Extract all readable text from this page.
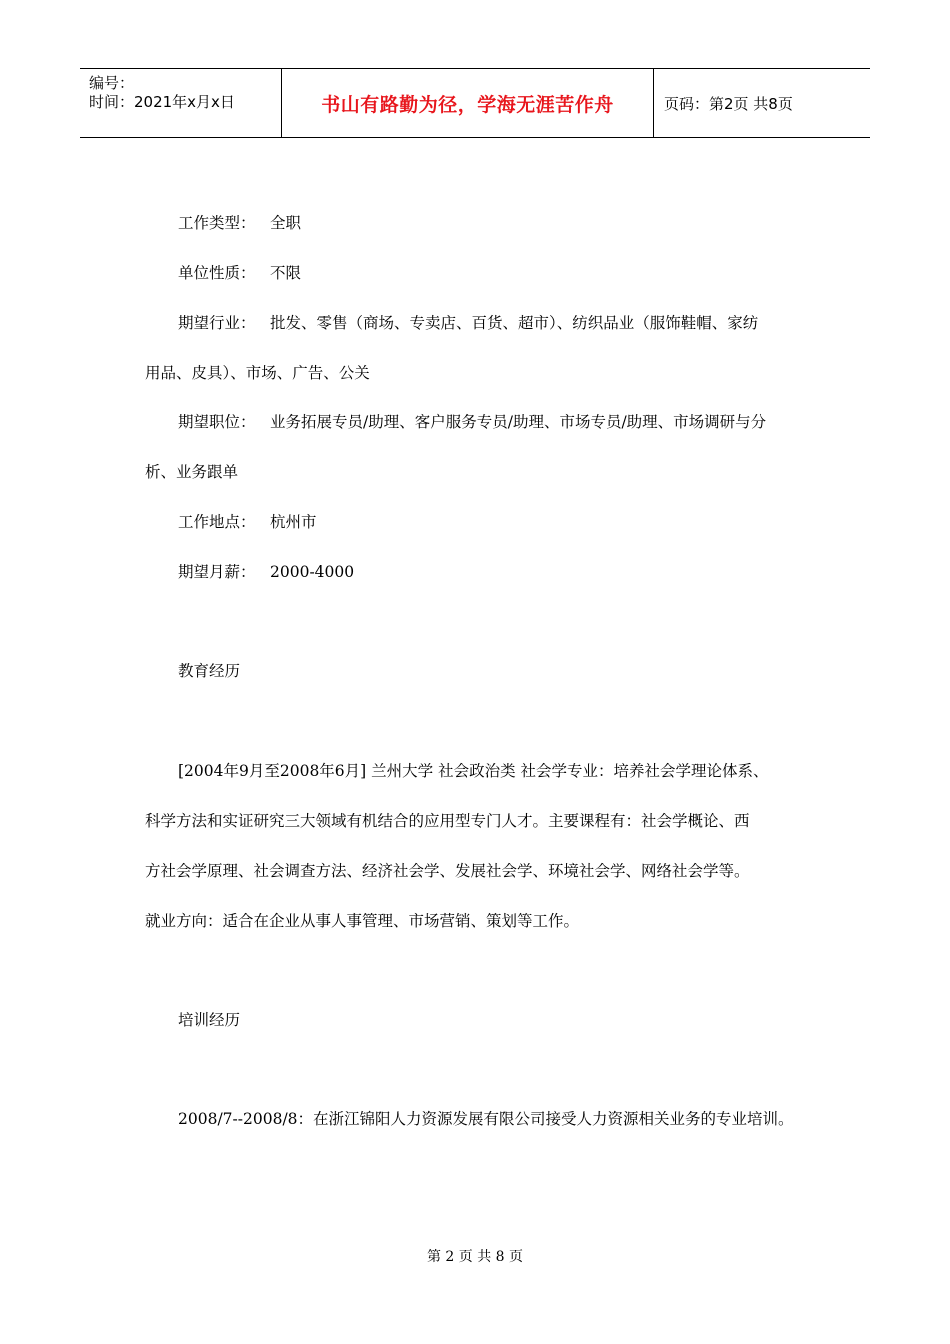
编号：
时间：2021年x月x日	书山有路勤为径，学海无涯苦作舟	页码：第2页 共8页
工作类型： 全职
单位性质： 不限
期望行业： 批发、零售（商场、专卖店、百货、超市）、纺织品业（服饰鞋帽、家纺
用品、皮具）、市场、广告、公关
期望职位： 业务拓展专员/助理、客户服务专员/助理、市场专员/助理、市场调研与分
析、业务跟单
工作地点： 杭州市
期望月薪： 2000-4000
教育经历
[2004年9月至2008年6月] 兰州大学 社会政治类 社会学专业：培养社会学理论体系、
科学方法和实证研究三大领域有机结合的应用型专门人才。主要课程有：社会学概论、西
方社会学原理、社会调查方法、经济社会学、发展社会学、环境社会学、网络社会学等。
就业方向：适合在企业从事人事管理、市场营销、策划等工作。
培训经历
2008/7--2008/8：在浙江锦阳人力资源发展有限公司接受人力资源相关业务的专业培训。
第 2 页 共 8 页
